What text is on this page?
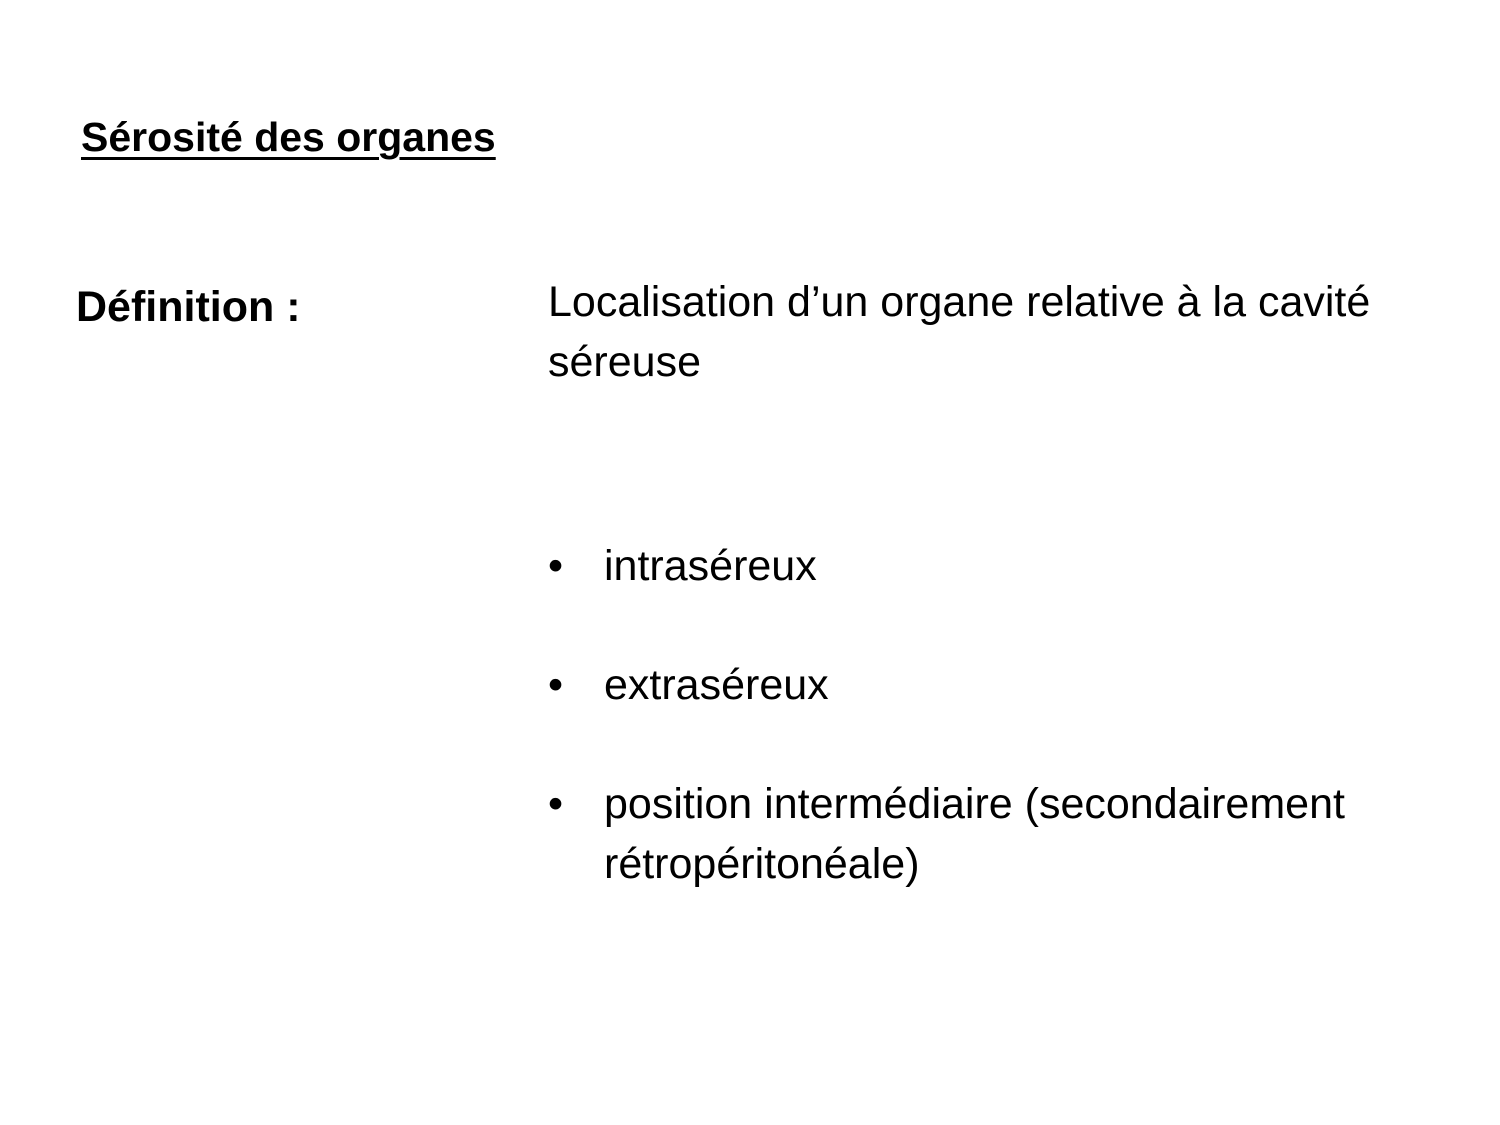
Sérosité des organes
Définition :	Localisation d’un organe relative à la cavité séreuse
• intraséreux
• extraséreux
• position intermédiaire (secondairement rétropéritonéale)
